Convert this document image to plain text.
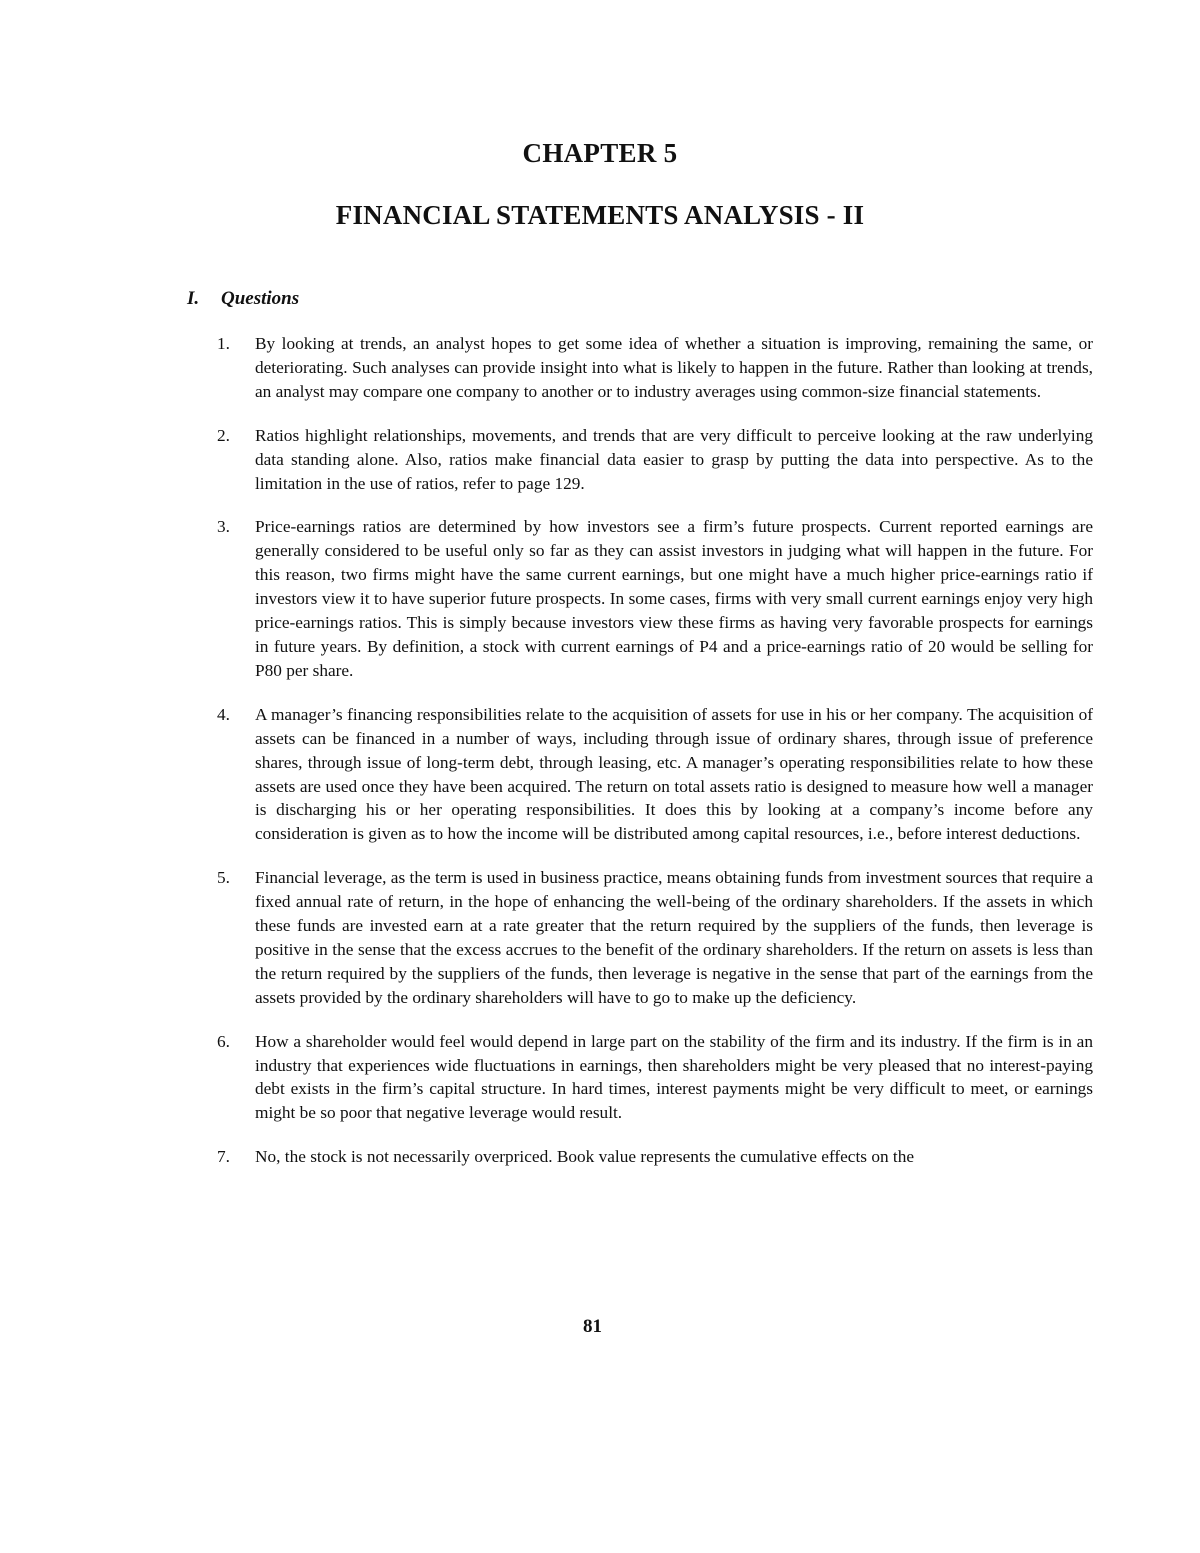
CHAPTER 5
FINANCIAL STATEMENTS ANALYSIS - II
I. Questions
1. By looking at trends, an analyst hopes to get some idea of whether a situation is improving, remaining the same, or deteriorating. Such analyses can provide insight into what is likely to happen in the future. Rather than looking at trends, an analyst may compare one company to another or to industry averages using common-size financial statements.
2. Ratios highlight relationships, movements, and trends that are very difficult to perceive looking at the raw underlying data standing alone. Also, ratios make financial data easier to grasp by putting the data into perspective. As to the limitation in the use of ratios, refer to page 129.
3. Price-earnings ratios are determined by how investors see a firm’s future prospects. Current reported earnings are generally considered to be useful only so far as they can assist investors in judging what will happen in the future. For this reason, two firms might have the same current earnings, but one might have a much higher price-earnings ratio if investors view it to have superior future prospects. In some cases, firms with very small current earnings enjoy very high price-earnings ratios. This is simply because investors view these firms as having very favorable prospects for earnings in future years. By definition, a stock with current earnings of P4 and a price-earnings ratio of 20 would be selling for P80 per share.
4. A manager’s financing responsibilities relate to the acquisition of assets for use in his or her company. The acquisition of assets can be financed in a number of ways, including through issue of ordinary shares, through issue of preference shares, through issue of long-term debt, through leasing, etc. A manager’s operating responsibilities relate to how these assets are used once they have been acquired. The return on total assets ratio is designed to measure how well a manager is discharging his or her operating responsibilities. It does this by looking at a company’s income before any consideration is given as to how the income will be distributed among capital resources, i.e., before interest deductions.
5. Financial leverage, as the term is used in business practice, means obtaining funds from investment sources that require a fixed annual rate of return, in the hope of enhancing the well-being of the ordinary shareholders. If the assets in which these funds are invested earn at a rate greater that the return required by the suppliers of the funds, then leverage is positive in the sense that the excess accrues to the benefit of the ordinary shareholders. If the return on assets is less than the return required by the suppliers of the funds, then leverage is negative in the sense that part of the earnings from the assets provided by the ordinary shareholders will have to go to make up the deficiency.
6. How a shareholder would feel would depend in large part on the stability of the firm and its industry. If the firm is in an industry that experiences wide fluctuations in earnings, then shareholders might be very pleased that no interest-paying debt exists in the firm’s capital structure. In hard times, interest payments might be very difficult to meet, or earnings might be so poor that negative leverage would result.
7. No, the stock is not necessarily overpriced. Book value represents the cumulative effects on the
81
